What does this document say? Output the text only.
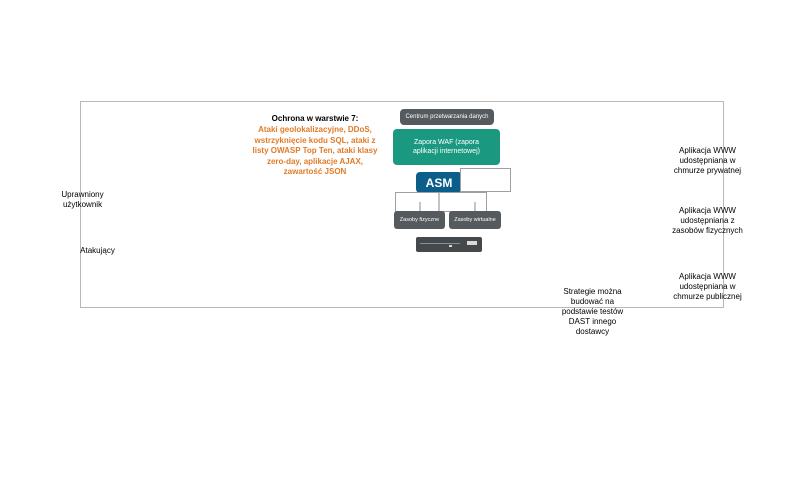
Ochrona w warstwie 7:
Ataki geolokalizacyjne, DDoS,
wstrzyknięcie kodu SQL, ataki z
listy OWASP Top Ten, ataki klasy
zero-day, aplikacje AJAX,
zawartość JSON
Centrum przetwarzania danych
Zapora WAF (zapora
aplikacji internetowej)
ASM
Zasoby fizyczne	Zasoby wirtualne
Uprawniony
użytkownik
Atakujący
Aplikacja WWW
udostępniana w
chmurze prywatnej
Aplikacja WWW
udostępniana z
zasobów fizycznych
Aplikacja WWW
udostępniana w
chmurze publicznej
Strategie można
budować na
podstawie testów
DAST innego
dostawcy
